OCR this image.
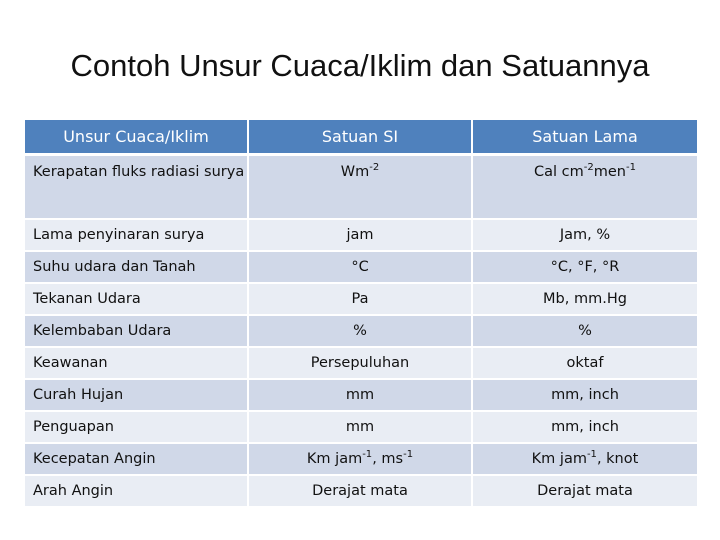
Contoh Unsur Cuaca/Iklim dan Satuannya
Unsur Cuaca/Iklim	Satuan SI	Satuan Lama
Kerapatan fluks radiasi surya	$Wm^{-2}$	Cal $cm^{-2}men^{-1}$
Lama penyinaran surya	jam	Jam, %
Suhu udara dan Tanah	°C	°C, °F, °R
Tekanan Udara	Pa	Mb, mm.Hg
Kelembaban Udara	%	%
Keawanan	Persepuluhan	oktaf
Curah Hujan	mm	mm, inch
Penguapan	mm	mm, inch
Kecepatan Angin	Km jam$^{-1}$, $ms^{-1}$	Km jam$^{-1}$, knot
Arah Angin	Derajat mata	Derajat mata
